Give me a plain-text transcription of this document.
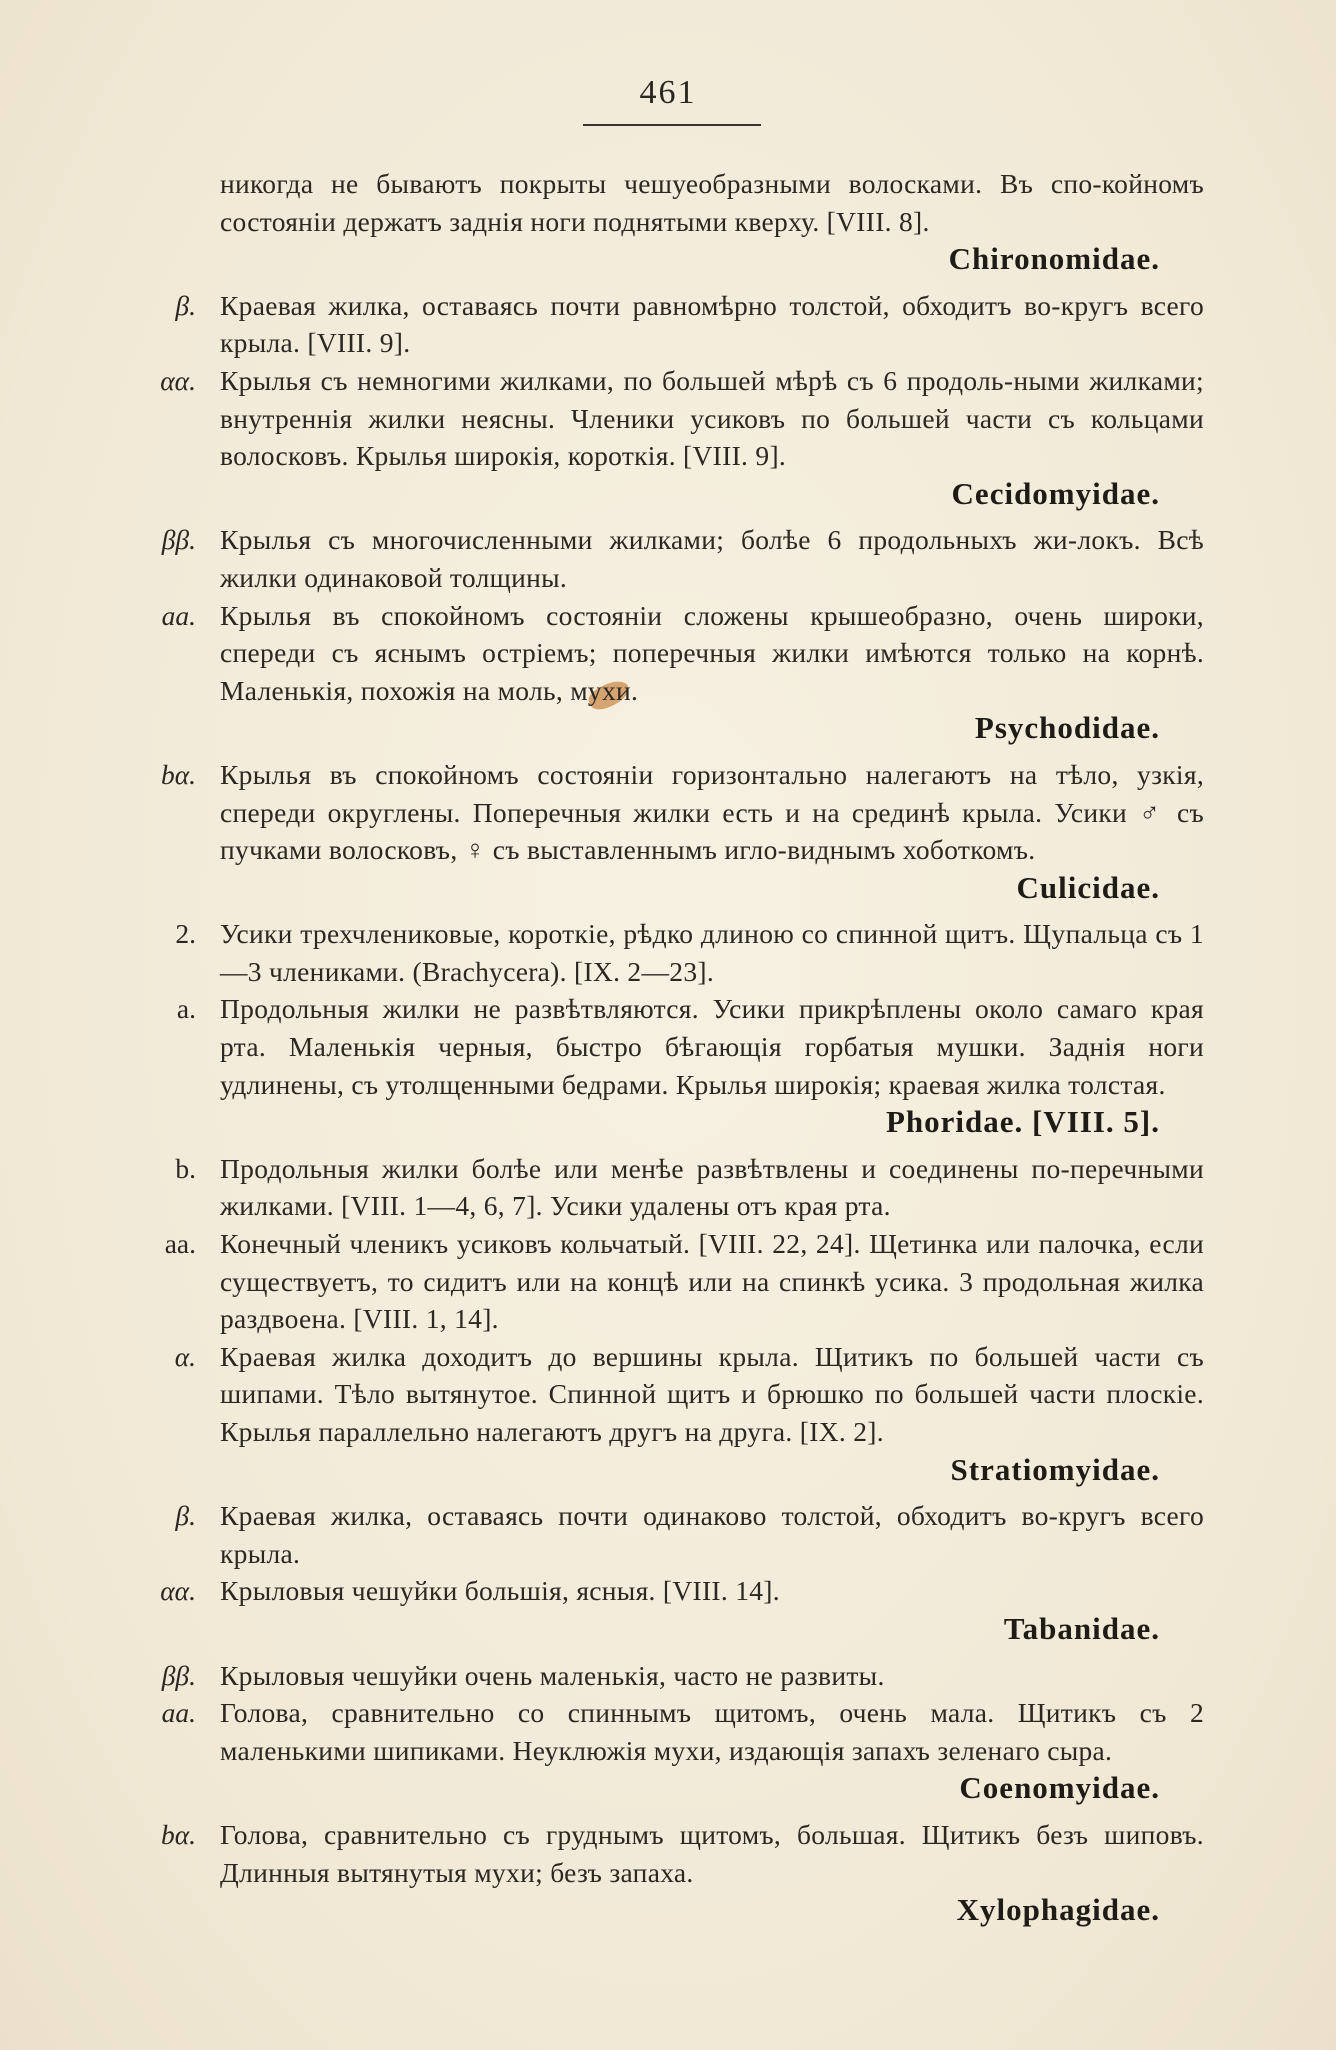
461
никогда не бываютъ покрыты чешуеобразными волосками. Въ спо-койномъ состояніи держатъ заднія ноги поднятыми кверху. [VIII. 8].
Chironomidae.
β. Краевая жилка, оставаясь почти равномѣрно толстой, обходитъ во-кругъ всего крыла. [VIII. 9].
αα. Крылья съ немногими жилками, по большей мѣрѣ съ 6 продоль-ными жилками; внутреннія жилки неясны. Членики усиковъ по большей части съ кольцами волосковъ. Крылья широкія, короткія. [VIII. 9].
Cecidomyidae.
ββ. Крылья съ многочисленными жилками; болѣе 6 продольныхъ жи-локъ. Всѣ жилки одинаковой толщины.
aa. Крылья въ спокойномъ состояніи сложены крышеобразно, очень широки, спереди съ яснымъ остріемъ; поперечныя жилки имѣются только на корнѣ. Маленькія, похожія на моль, мухи.
Psychodidae.
bα. Крылья въ спокойномъ состояніи горизонтально налегаютъ на тѣло, узкія, спереди округлены. Поперечныя жилки есть и на срединѣ крыла. Усики ♂ съ пучками волосковъ, ♀ съ выставленнымъ игло-виднымъ хоботкомъ.
Culicidae.
2. Усики трехчлениковые, короткіе, рѣдко длиною со спинной щитъ. Щупальца съ 1—3 члениками. (Brachycera). [IX. 2—23].
a. Продольныя жилки не развѣтвляются. Усики прикрѣплены около самаго края рта. Маленькія черныя, быстро бѣгающія горбатыя мушки. Заднія ноги удлинены, съ утолщенными бедрами. Крылья широкія; краевая жилка толстая.
Phoridae. [VIII. 5].
b. Продольныя жилки болѣе или менѣе развѣтвлены и соединены по-перечными жилками. [VIII. 1—4, 6, 7]. Усики удалены отъ края рта.
aa. Конечный членикъ усиковъ кольчатый. [VIII. 22, 24]. Щетинка или палочка, если существуетъ, то сидитъ или на концѣ или на спинкѣ усика. 3 продольная жилка раздвоена. [VIII. 1, 14].
α. Краевая жилка доходитъ до вершины крыла. Щитикъ по большей части съ шипами. Тѣло вытянутое. Спинной щитъ и брюшко по большей части плоскіе. Крылья параллельно налегаютъ другъ на друга. [IX. 2].
Stratiomyidae.
β. Краевая жилка, оставаясь почти одинаково толстой, обходитъ во-кругъ всего крыла.
αα. Крыловыя чешуйки большія, ясныя. [VIII. 14].
Tabanidae.
ββ. Крыловыя чешуйки очень маленькія, часто не развиты.
aa. Голова, сравнительно со спиннымъ щитомъ, очень мала. Щитикъ съ 2 маленькими шипиками. Неуклюжія мухи, издающія запахъ зеленаго сыра.
Coenomyidae.
bα. Голова, сравнительно съ груднымъ щитомъ, большая. Щитикъ безъ шиповъ. Длинныя вытянутыя мухи; безъ запаха.
Xylophagidae.
